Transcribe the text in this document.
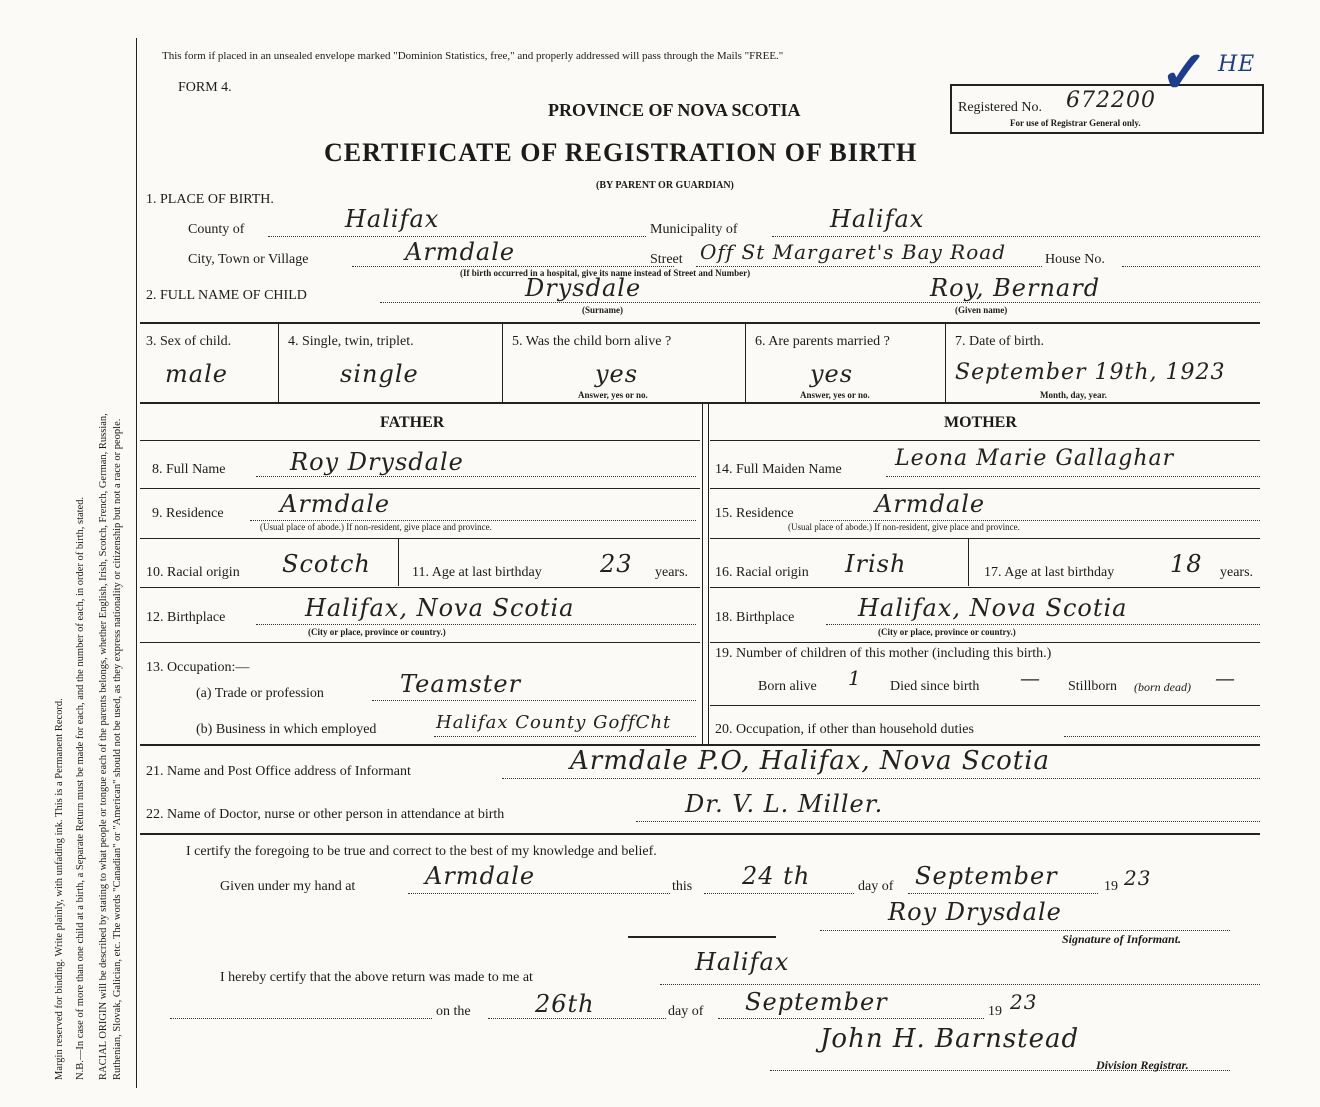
Margin reserved for binding. Write plainly, with unfading ink. This is a Permanent Record. N.B.—In case of more than one child at a birth, a Separate Return must be made for each, and the number of each, in order of birth, stated. RACIAL ORIGIN will be described by stating to what people or tongue each of the parents belongs, whether English, Irish, Scotch, French, German, Russian, Ruthenian, Slovak, Galician, etc. The words "Canadian" or "American" should not be used, as they express nationality or citizenship but not a race or people.
This form if placed in an unsealed envelope marked "Dominion Statistics, free," and properly addressed will pass through the Mails "FREE."
FORM 4.
PROVINCE OF NOVA SCOTIA
CERTIFICATE OF REGISTRATION OF BIRTH
(BY PARENT OR GUARDIAN)
Registered No. 672200
For use of Registrar General only.
✓ HE
1. PLACE OF BIRTH.
County of	Halifax	Municipality of	Halifax
City, Town or Village	Armdale	Street Off St Margaret's Bay Road	House No.
(If birth occurred in a hospital, give its name instead of Street and Number)
2. FULL NAME OF CHILD	Drysdale
(Surname)
Roy, Bernard
(Given name)
3. Sex of child.
male
4. Single, twin, triplet.
single
5. Was the child born alive ?
yes
Answer, yes or no.
6. Are parents married ?
yes
Answer, yes or no.
7. Date of birth.
September 19th, 1923
Month, day, year.
FATHER	MOTHER
8. Full Name	Roy Drysdale
9. Residence Armdale
(Usual place of abode.) If non-resident, give place and province.
10. Racial origin Scotch	11. Age at last birthday 23 years.
12. Birthplace	Halifax, Nova Scotia
(City or place, province or country.)
13. Occupation:—
(a) Trade or profession	Teamster
(b) Business in which employed	Halifax County GoffCht
14. Full Maiden Name Leona Marie Gallaghar
15. Residence	Armdale
(Usual place of abode.) If non-resident, give place and province.
16. Racial origin Irish	17. Age at last birthday 18 years.
18. Birthplace	Halifax, Nova Scotia
(City or place, province or country.)
19. Number of children of this mother (including this birth.)
Born alive 1 Died since birth — Stillborn (born dead) —
20. Occupation, if other than household duties
21. Name and Post Office address of Informant	Armdale P.O, Halifax, Nova Scotia
22. Name of Doctor, nurse or other person in attendance at birth	Dr. V. L. Miller.
I certify the foregoing to be true and correct to the best of my knowledge and belief.
Given under my hand at	Armdale	this 24 th	day of September	19 23
Roy Drysdale
Signature of Informant.
I hereby certify that the above return was made to me at
Halifax
on the	26th	day of September	19 23
John H. Barnstead
Division Registrar.
